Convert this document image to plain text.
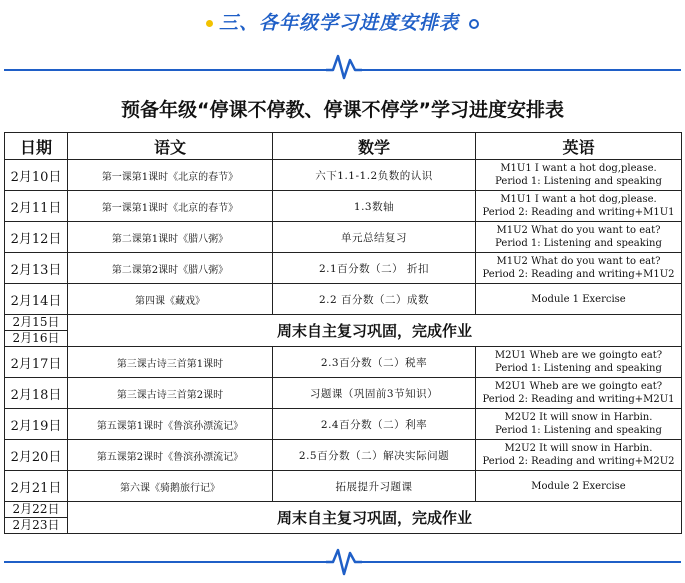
三、各年级学习进度安排表
预备年级“停课不停教、停课不停学”学习进度安排表
日期	语文	数学	英语
2月10日	第一课第1课时《北京的春节》	六下1.1-1.2负数的认识	M1U1 I want a hot dog,please.
Period 1: Listening and speaking

2月11日	第一课第1课时《北京的春节》	1.3数轴	M1U1 I want a hot dog,please.
Period 2: Reading and writing+M1U1

2月12日	第二课第1课时《腊八粥》	单元总结复习	M1U2 What do you want to eat?
Period 1: Listening and speaking

2月13日	第二课第2课时《腊八粥》	2.1百分数（二） 折扣	M1U2 What do you want to eat?
Period 2: Reading and writing+M1U2

2月14日	第四课《藏戏》	2.2 百分数（二）成数	Module 1 Exercise

2月15日
2月16日	周末自主复习巩固，完成作业		
2月17日	第三课古诗三首第1课时	2.3百分数（二）税率	M2U1 Wheb are we goingto eat?
Period 1: Listening and speaking

2月18日	第三课古诗三首第2课时	习题课（巩固前3节知识）	M2U1 Wheb are we goingto eat?
Period 2: Reading and writing+M2U1

2月19日	第五课第1课时《鲁滨孙漂流记》	2.4百分数（二）利率	M2U2 It will snow in Harbin.
Period 1: Listening and speaking

2月20日	第五课第2课时《鲁滨孙漂流记》	2.5百分数（二）解决实际问题	M2U2 It will snow in Harbin.
Period 2: Reading and writing+M2U2

2月21日	第六课《骑鹅旅行记》	拓展提升习题课	Module 2 Exercise

2月22日
2月23日	周末自主复习巩固，完成作业		
